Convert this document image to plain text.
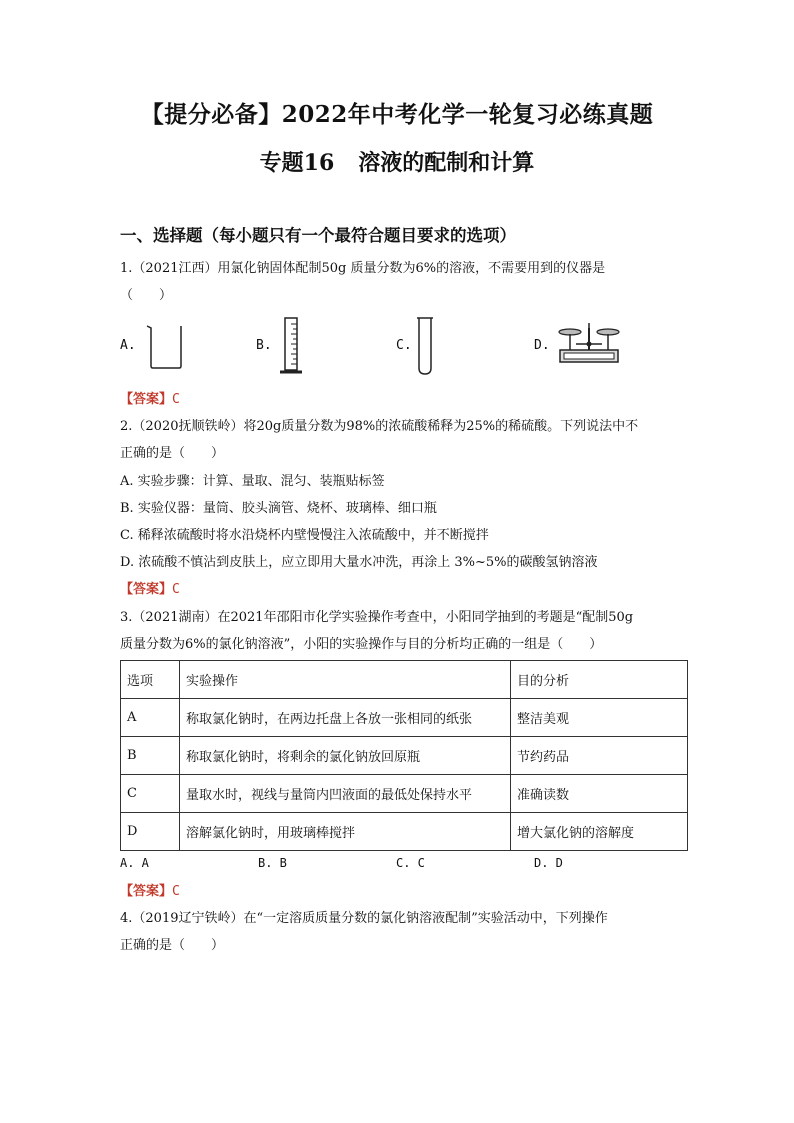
【提分必备】2022年中考化学一轮复习必练真题
专题16 溶液的配制和计算
一、选择题（每小题只有一个最符合题目要求的选项）
1.（2021江西）用氯化钠固体配制50g 质量分数为6%的溶液，不需要用到的仪器是
（　　）
A.	B.	C.	D.
【答案】C
2.（2020抚顺铁岭）将20g质量分数为98%的浓硫酸稀释为25%的稀硫酸。下列说法中不
正确的是（　　）
A. 实验步骤：计算、量取、混匀、装瓶贴标签
B. 实验仪器：量筒、胶头滴管、烧杯、玻璃棒、细口瓶
C. 稀释浓硫酸时将水沿烧杯内壁慢慢注入浓硫酸中，并不断搅拌
D. 浓硫酸不慎沾到皮肤上，应立即用大量水冲洗，再涂上 3%~5%的碳酸氢钠溶液
【答案】C
3.（2021湖南）在2021年邵阳市化学实验操作考查中，小阳同学抽到的考题是“配制50g
质量分数为6%的氯化钠溶液”，小阳的实验操作与目的分析均正确的一组是（　　）
选项	实验操作	目的分析
A	称取氯化钠时，在两边托盘上各放一张相同的纸张	整洁美观
B	称取氯化钠时，将剩余的氯化钠放回原瓶	节约药品
C	量取水时，视线与量筒内凹液面的最低处保持水平	准确读数
D	溶解氯化钠时，用玻璃棒搅拌	增大氯化钠的溶解度
A. A	B. B	C. C	D. D
【答案】C
4.（2019辽宁铁岭）在“一定溶质质量分数的氯化钠溶液配制”实验活动中，下列操作
正确的是（　　）
